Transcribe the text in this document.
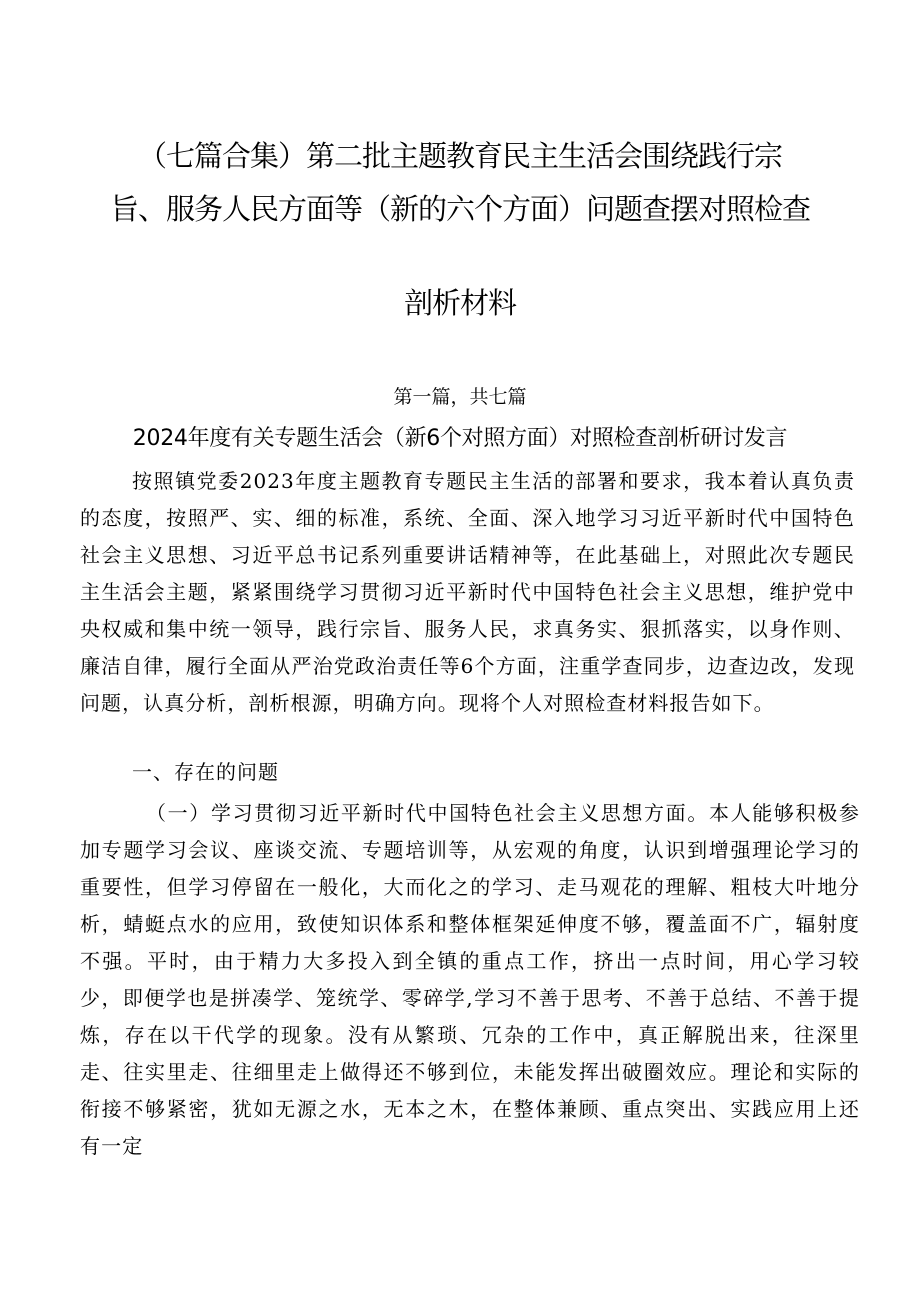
（七篇合集）第二批主题教育民主生活会围绕践行宗
旨、服务人民方面等（新的六个方面）问题查摆对照检查
剖析材料
第一篇，共七篇
2024年度有关专题生活会（新6个对照方面）对照检查剖析研讨发言

按照镇党委2023年度主题教育专题民主生活的部署和要求，我本着认真负责的态度，按照严、实、细的标准，系统、全面、深入地学习习近平新时代中国特色社会主义思想、习近平总书记系列重要讲话精神等，在此基础上，对照此次专题民主生活会主题，紧紧围绕学习贯彻习近平新时代中国特色社会主义思想，维护党中央权威和集中统一领导，践行宗旨、服务人民，求真务实、狠抓落实，以身作则、廉洁自律，履行全面从严治党政治责任等6个方面，注重学查同步，边查边改，发现问题，认真分析，剖析根源，明确方向。现将个人对照检查材料报告如下。

一、存在的问题

（一）学习贯彻习近平新时代中国特色社会主义思想方面。本人能够积极参加专题学习会议、座谈交流、专题培训等，从宏观的角度，认识到增强理论学习的重要性，但学习停留在一般化，大而化之的学习、走马观花的理解、粗枝大叶地分析，蜻蜓点水的应用，致使知识体系和整体框架延伸度不够，覆盖面不广，辐射度不强。平时，由于精力大多投入到全镇的重点工作，挤出一点时间，用心学习较少，即便学也是拼凑学、笼统学、零碎学,学习不善于思考、不善于总结、不善于提炼，存在以干代学的现象。没有从繁琐、冗杂的工作中，真正解脱出来，往深里走、往实里走、往细里走上做得还不够到位，未能发挥出破圈效应。理论和实际的衔接不够紧密，犹如无源之水，无本之木，在整体兼顾、重点突出、实践应用上还有一定
